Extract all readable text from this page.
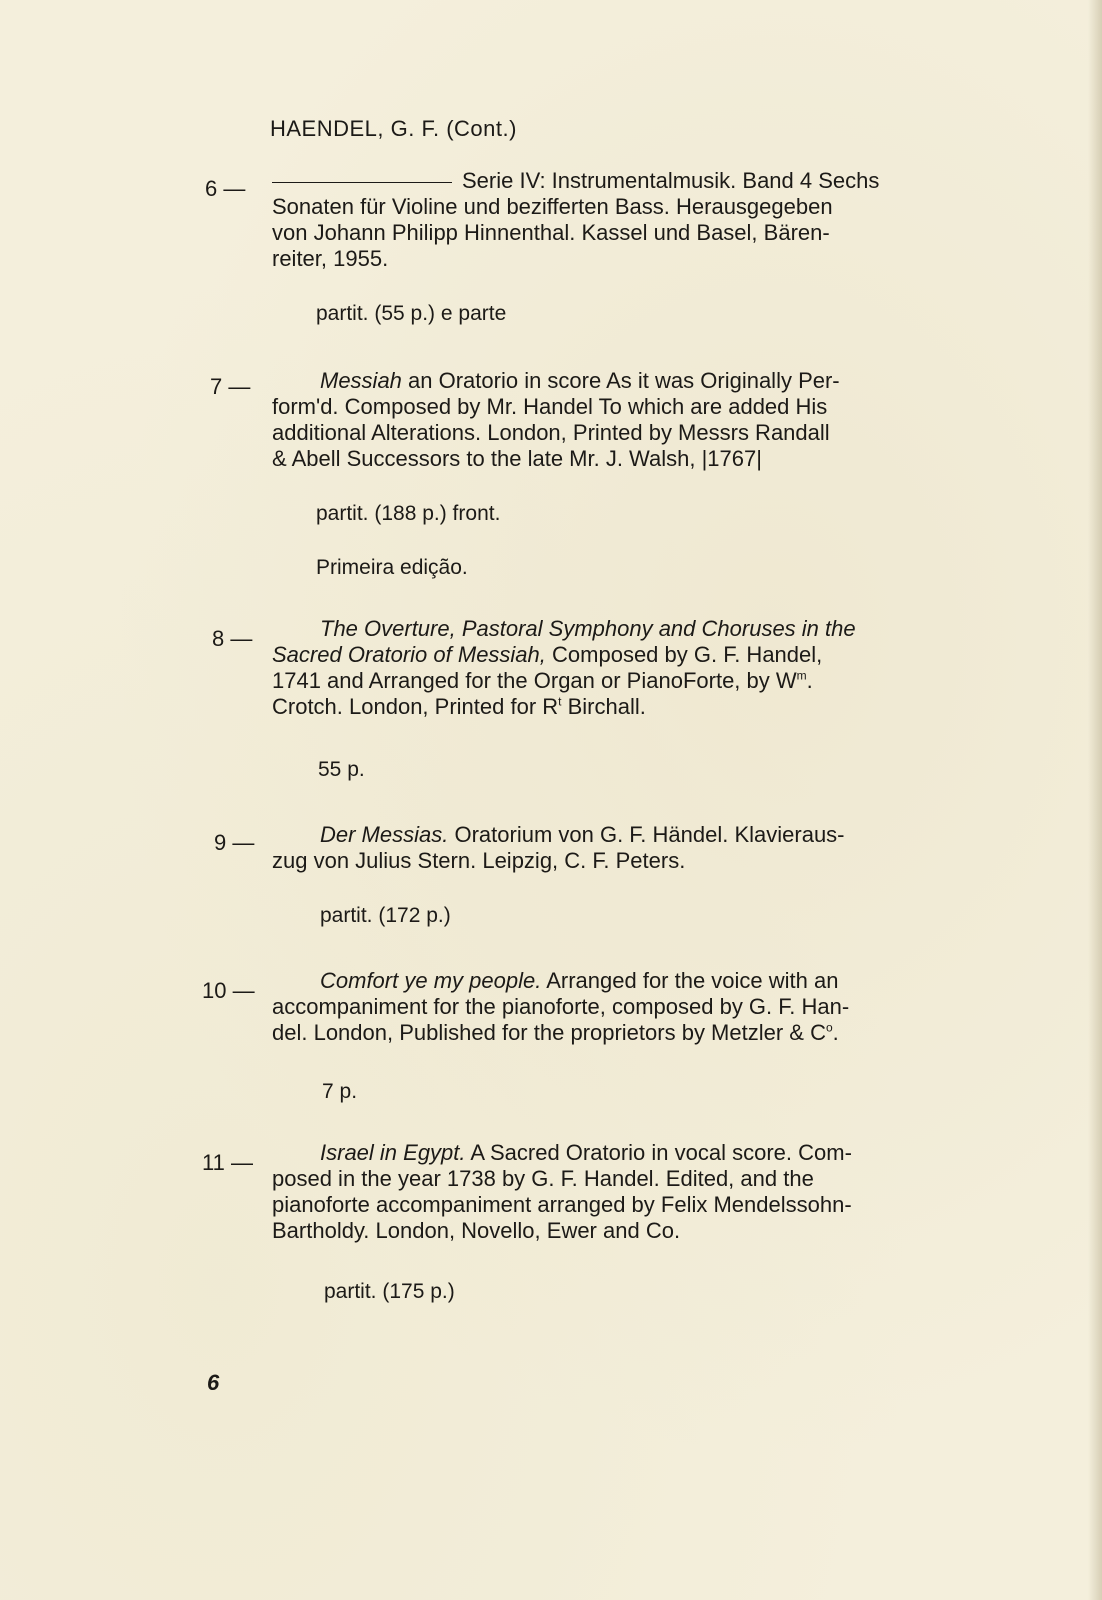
HAENDEL, G. F. (Cont.)
6 —	Serie IV: Instrumentalmusik. Band 4 Sechs
Sonaten für Violine und bezifferten Bass. Herausgegeben
von Johann Philipp Hinnenthal. Kassel und Basel, Bären-
reiter, 1955.
partit. (55 p.) e parte
7 —	Messiah an Oratorio in score As it was Originally Per-
form'd. Composed by Mr. Handel To which are added His
additional Alterations. London, Printed by Messrs Randall
& Abell Successors to the late Mr. J. Walsh, |1767|
partit. (188 p.) front.
Primeira edição.
8 —	The Overture, Pastoral Symphony and Choruses in the
Sacred Oratorio of Messiah, Composed by G. F. Handel,
1741 and Arranged for the Organ or PianoForte, by $W^m$.
Crotch. London, Printed for $R^t$ Birchall.
55 p.
9 —	Der Messias. Oratorium von G. F. Händel. Klavieraus-
zug von Julius Stern. Leipzig, C. F. Peters.
partit. (172 p.)
10 —	Comfort ye my people. Arranged for the voice with an
accompaniment for the pianoforte, composed by G. F. Han-
del. London, Published for the proprietors by Metzler & $C^o$.
7 p.
11 —	Israel in Egypt. A Sacred Oratorio in vocal score. Com-
posed in the year 1738 by G. F. Handel. Edited, and the
pianoforte accompaniment arranged by Felix Mendelssohn-
Bartholdy. London, Novello, Ewer and Co.
partit. (175 p.)
6
